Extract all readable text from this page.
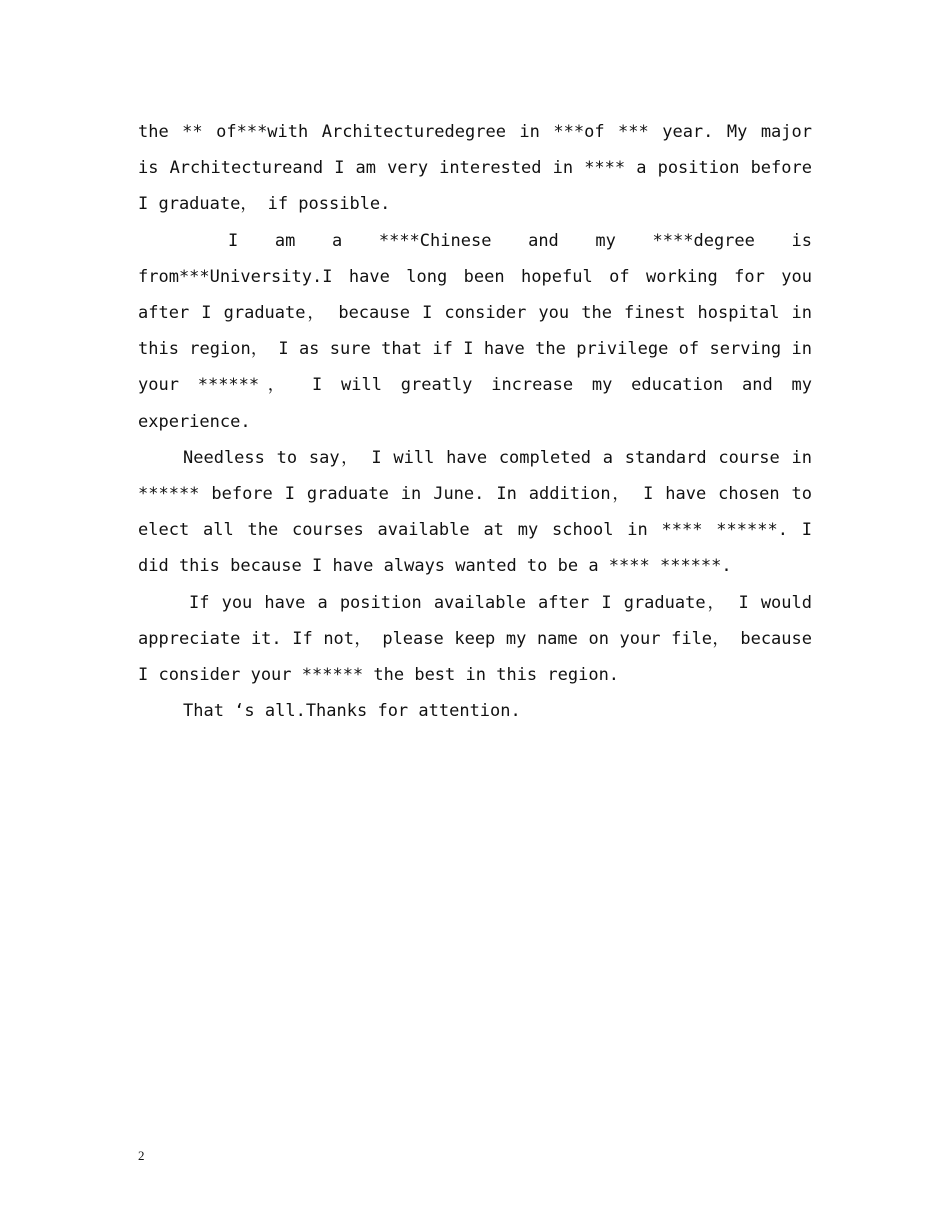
the ** of***with Architecturedegree in ***of *** year. My major is Architectureand I am very interested in **** a position before I graduate， if possible.

I am a ****Chinese and my ****degree is from***University.I have long been hopeful of working for you after I graduate， because I consider you the finest hospital in this region， I as sure that if I have the privilege of serving in your ******， I will greatly increase my education and my experience.

Needless to say， I will have completed a standard course in ****** before I graduate in June. In addition， I have chosen to elect all the courses available at my school in **** ******. I did this because I have always wanted to be a **** ******.

If you have a position available after I graduate， I would appreciate it. If not， please keep my name on your file， because I consider your ****** the best in this region.

That ‘s all.Thanks for attention.

2
